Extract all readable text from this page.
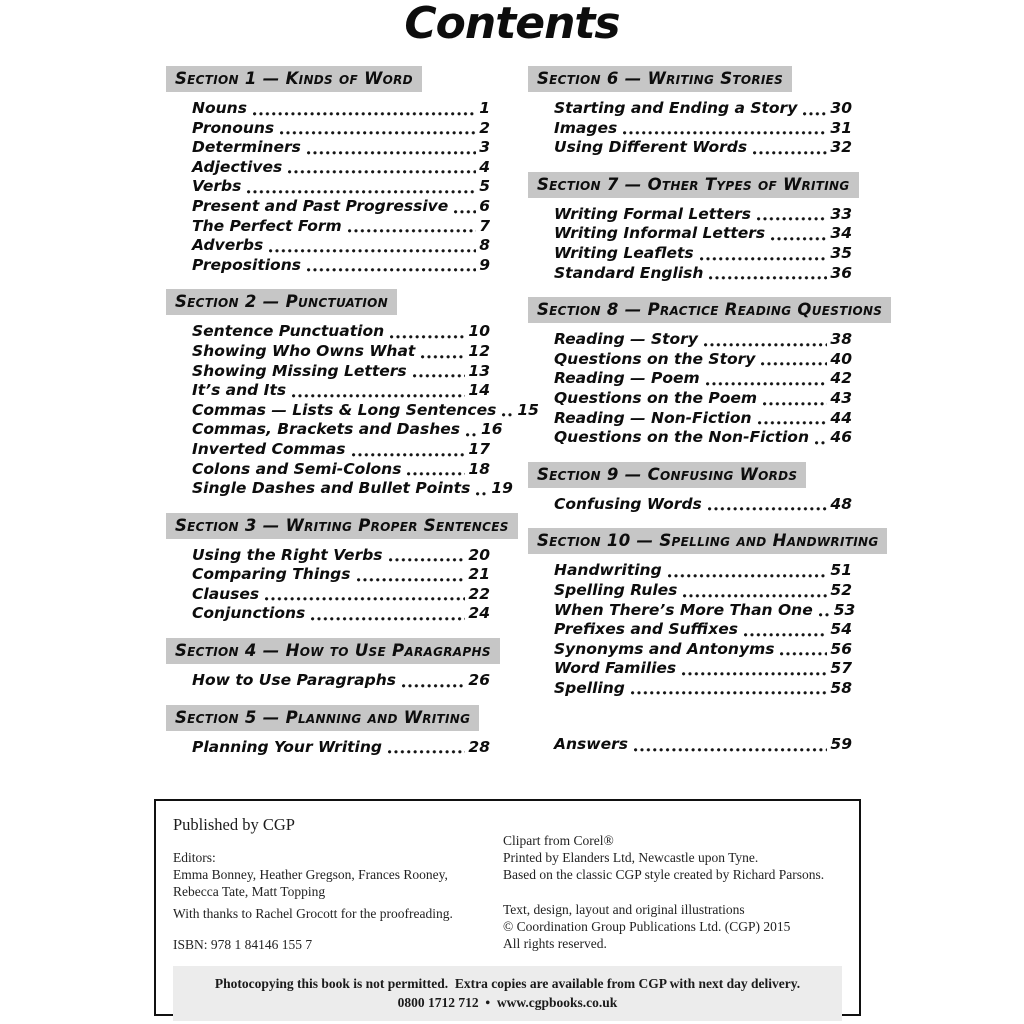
Contents
Section 1 — Kinds of Word
Nouns	1
Pronouns	2
Determiners	3
Adjectives	4
Verbs	5
Present and Past Progressive 6
The Perfect Form	7
Adverbs	8
Prepositions	9
Section 2 — Punctuation
Sentence Punctuation	10
Showing Who Owns What	12
Showing Missing Letters	13
It’s and Its	14
Commas — Lists & Long Sentences 15
Commas, Brackets and Dashes 16
Inverted Commas	17
Colons and Semi-Colons	18
Single Dashes and Bullet Points 19
Section 3 — Writing Proper Sentences
Using the Right Verbs	20
Comparing Things	21
Clauses	22
Conjunctions	24
Section 4 — How to Use Paragraphs
How to Use Paragraphs	26
Section 5 — Planning and Writing
Planning Your Writing	28
Section 6 — Writing Stories
Starting and Ending a Story 30
Images	31
Using Different Words	32
Section 7 — Other Types of Writing
Writing Formal Letters	33
Writing Informal Letters	34
Writing Leaflets	35
Standard English	36
Section 8 — Practice Reading Questions
Reading — Story	38
Questions on the Story	40
Reading — Poem	42
Questions on the Poem	43
Reading — Non-Fiction	44
Questions on the Non-Fiction 46
Section 9 — Confusing Words
Confusing Words	48
Section 10 — Spelling and Handwriting
Handwriting	51
Spelling Rules	52
When There’s More Than One 53
Prefixes and Suffixes	54
Synonyms and Antonyms	56
Word Families	57
Spelling	58
Answers	59
Published by CGP
Editors:
Emma Bonney, Heather Gregson, Frances Rooney,
Rebecca Tate, Matt Topping
With thanks to Rachel Grocott for the proofreading.
ISBN: 978 1 84146 155 7
Clipart from Corel®
Printed by Elanders Ltd, Newcastle upon Tyne.
Based on the classic CGP style created by Richard Parsons.
Text, design, layout and original illustrations
© Coordination Group Publications Ltd. (CGP) 2015
All rights reserved.
Photocopying this book is not permitted.  Extra copies are available from CGP with next day delivery.
0800 1712 712  •  www.cgpbooks.co.uk
